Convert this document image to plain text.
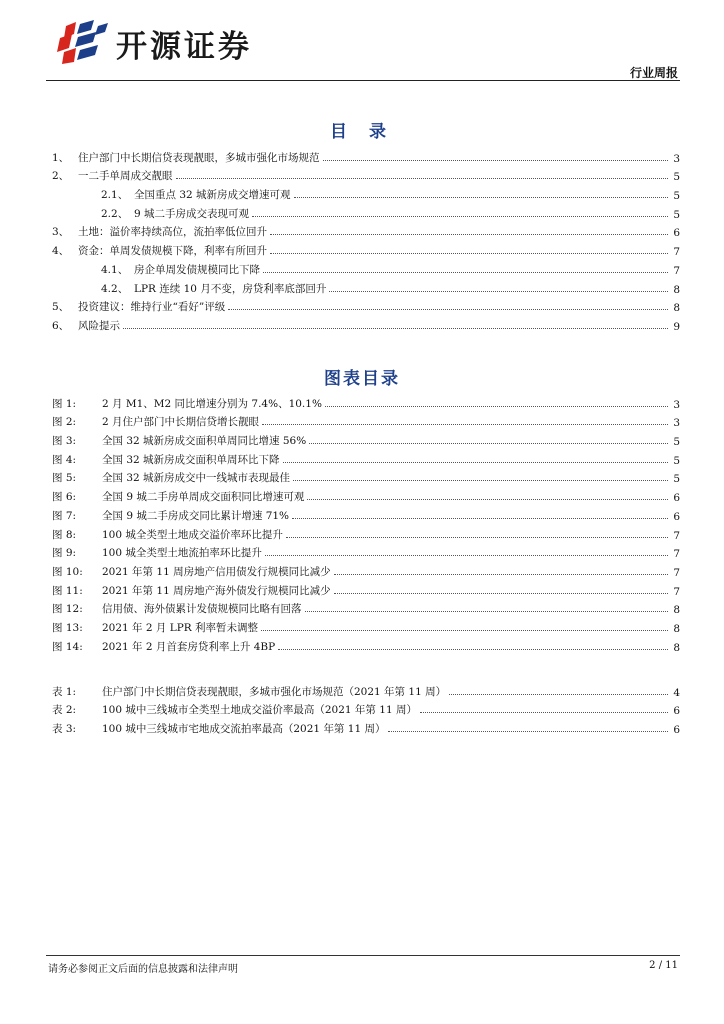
开源证券
行业周报
目 录
1、 住户部门中长期信贷表现靓眼，多城市强化市场规范	3
2、 一二手单周成交靓眼	5
2.1、 全国重点 32 城新房成交增速可观	5
2.2、 9 城二手房成交表现可观	5
3、 土地：溢价率持续高位，流拍率低位回升	6
4、 资金：单周发债规模下降，利率有所回升	7
4.1、 房企单周发债规模同比下降	7
4.2、 LPR 连续 10 月不变，房贷利率底部回升	8
5、 投资建议：维持行业“看好”评级	8
6、 风险提示	9
图表目录
图 1:	2 月 M1、M2 同比增速分别为 7.4%、10.1%	3
图 2:	2 月住户部门中长期信贷增长靓眼	3
图 3:	全国 32 城新房成交面积单周同比增速 56%	5
图 4:	全国 32 城新房成交面积单周环比下降	5
图 5:	全国 32 城新房成交中一线城市表现最佳	5
图 6:	全国 9 城二手房单周成交面积同比增速可观	6
图 7:	全国 9 城二手房成交同比累计增速 71%	6
图 8:	100 城全类型土地成交溢价率环比提升	7
图 9:	100 城全类型土地流拍率环比提升	7
图 10:	2021 年第 11 周房地产信用债发行规模同比减少	7
图 11:	2021 年第 11 周房地产海外债发行规模同比减少	7
图 12:	信用债、海外债累计发债规模同比略有回落	8
图 13:	2021 年 2 月 LPR 利率暂未调整	8
图 14:	2021 年 2 月首套房贷利率上升 4BP	8
表 1:	住户部门中长期信贷表现靓眼，多城市强化市场规范（2021 年第 11 周）	4
表 2:	100 城中三线城市全类型土地成交溢价率最高（2021 年第 11 周）	6
表 3:	100 城中三线城市宅地成交流拍率最高（2021 年第 11 周）	6
请务必参阅正文后面的信息披露和法律声明	2 / 11
